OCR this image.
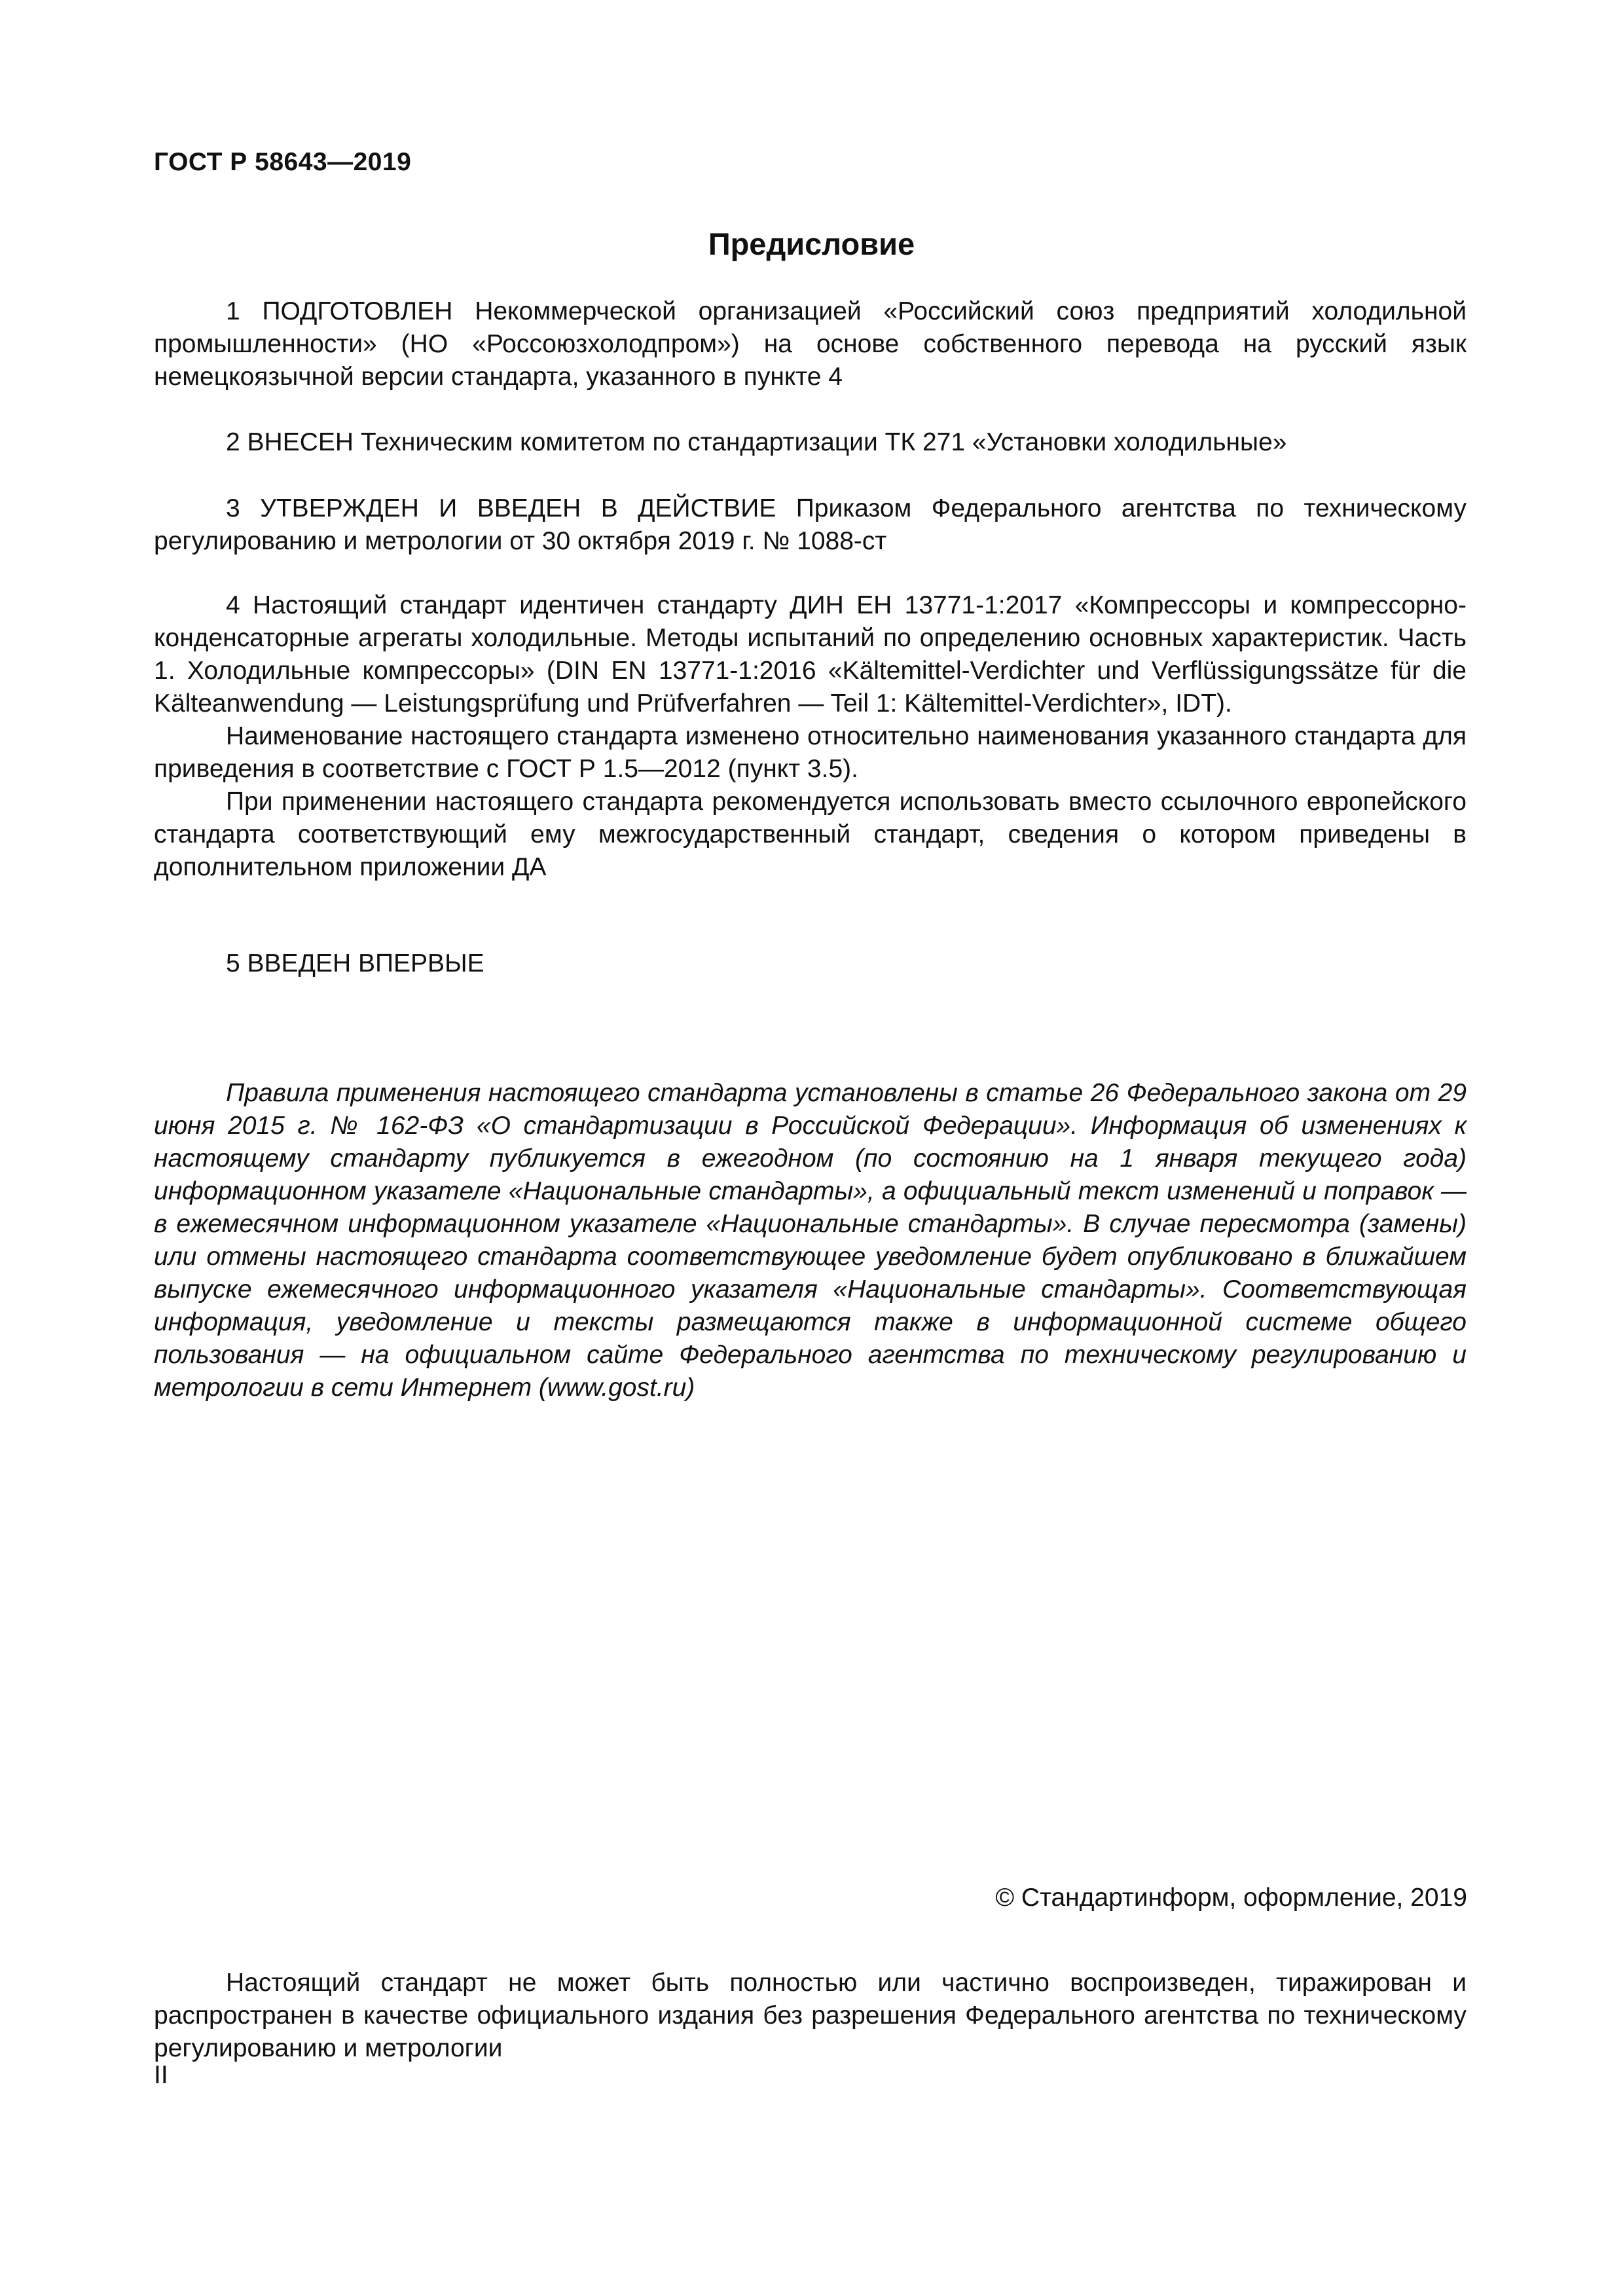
ГОСТ Р 58643—2019
Предисловие

1 ПОДГОТОВЛЕН Некоммерческой организацией «Российский союз предприятий холодильной промышленности» (НО «Россоюзхолодпром») на основе собственного перевода на русский язык немецкоязычной версии стандарта, указанного в пункте 4

2 ВНЕСЕН Техническим комитетом по стандартизации ТК 271 «Установки холодильные»

3 УТВЕРЖДЕН И ВВЕДЕН В ДЕЙСТВИЕ Приказом Федерального агентства по техническому регулированию и метрологии от 30 октября 2019 г. № 1088-ст

4 Настоящий стандарт идентичен стандарту ДИН ЕН 13771-1:2017 «Компрессоры и компрессорно-конденсаторные агрегаты холодильные. Методы испытаний по определению основных характеристик. Часть 1. Холодильные компрессоры» (DIN EN 13771-1:2016 «Kältemittel-Verdichter und Verflüssigungssätze für die Kälteanwendung — Leistungsprüfung und Prüfverfahren — Teil 1: Kältemittel-Verdichter», IDT).

Наименование настоящего стандарта изменено относительно наименования указанного стандарта для приведения в соответствие с ГОСТ Р 1.5—2012 (пункт 3.5).

При применении настоящего стандарта рекомендуется использовать вместо ссылочного европейского стандарта соответствующий ему межгосударственный стандарт, сведения о котором приведены в дополнительном приложении ДА

5 ВВЕДЕН ВПЕРВЫЕ

Правила применения настоящего стандарта установлены в статье 26 Федерального закона от 29 июня 2015 г. № 162-ФЗ «О стандартизации в Российской Федерации». Информация об изменениях к настоящему стандарту публикуется в ежегодном (по состоянию на 1 января текущего года) информационном указателе «Национальные стандарты», а официальный текст изменений и поправок — в ежемесячном информационном указателе «Национальные стандарты». В случае пересмотра (замены) или отмены настоящего стандарта соответствующее уведомление будет опубликовано в ближайшем выпуске ежемесячного информационного указателя «Национальные стандарты». Соответствующая информация, уведомление и тексты размещаются также в информационной системе общего пользования — на официальном сайте Федерального агентства по техническому регулированию и метрологии в сети Интернет (www.gost.ru)

© Стандартинформ, оформление, 2019

Настоящий стандарт не может быть полностью или частично воспроизведен, тиражирован и распространен в качестве официального издания без разрешения Федерального агентства по техническому регулированию и метрологии

II
